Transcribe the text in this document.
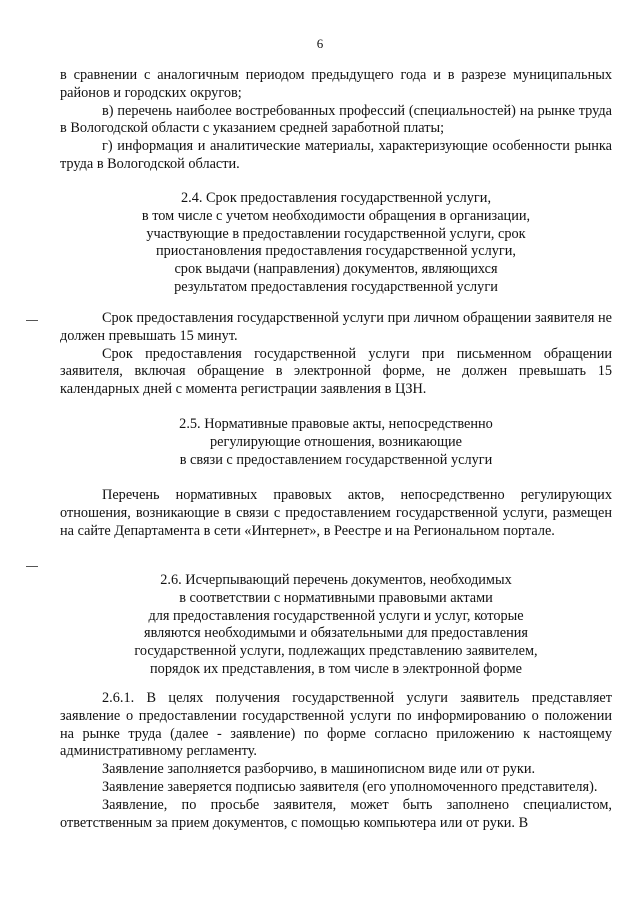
6

в сравнении с аналогичным периодом предыдущего года и в разрезе муниципальных районов и городских округов;

в) перечень наиболее востребованных профессий (специальностей) на рынке труда в Вологодской области с указанием средней заработной платы;

г) информация и аналитические материалы, характеризующие особенности рынка труда в Вологодской области.

2.4. Срок предоставления государственной услуги,
в том числе с учетом необходимости обращения в организации,
участвующие в предоставлении государственной услуги, срок
приостановления предоставления государственной услуги,
срок выдачи (направления) документов, являющихся
результатом предоставления государственной услуги

Срок предоставления государственной услуги при личном обращении заявителя не должен превышать 15 минут.

Срок предоставления государственной услуги при письменном обращении заявителя, включая обращение в электронной форме, не должен превышать 15 календарных дней с момента регистрации заявления в ЦЗН.

2.5. Нормативные правовые акты, непосредственно
регулирующие отношения, возникающие
в связи с предоставлением государственной услуги

Перечень нормативных правовых актов, непосредственно регулирующих отношения, возникающие в связи с предоставлением государственной услуги, размещен на сайте Департамента в сети «Интернет», в Реестре и на Региональном портале.

2.6. Исчерпывающий перечень документов, необходимых
в соответствии с нормативными правовыми актами
для предоставления государственной услуги и услуг, которые
являются необходимыми и обязательными для предоставления
государственной услуги, подлежащих представлению заявителем,
порядок их представления, в том числе в электронной форме

2.6.1. В целях получения государственной услуги заявитель представляет заявление о предоставлении государственной услуги по информированию о положении на рынке труда (далее - заявление) по форме согласно приложению к настоящему административному регламенту.

Заявление заполняется разборчиво, в машинописном виде или от руки.

Заявление заверяется подписью заявителя (его уполномоченного представителя).

Заявление, по просьбе заявителя, может быть заполнено специалистом, ответственным за прием документов, с помощью компьютера или от руки. В
